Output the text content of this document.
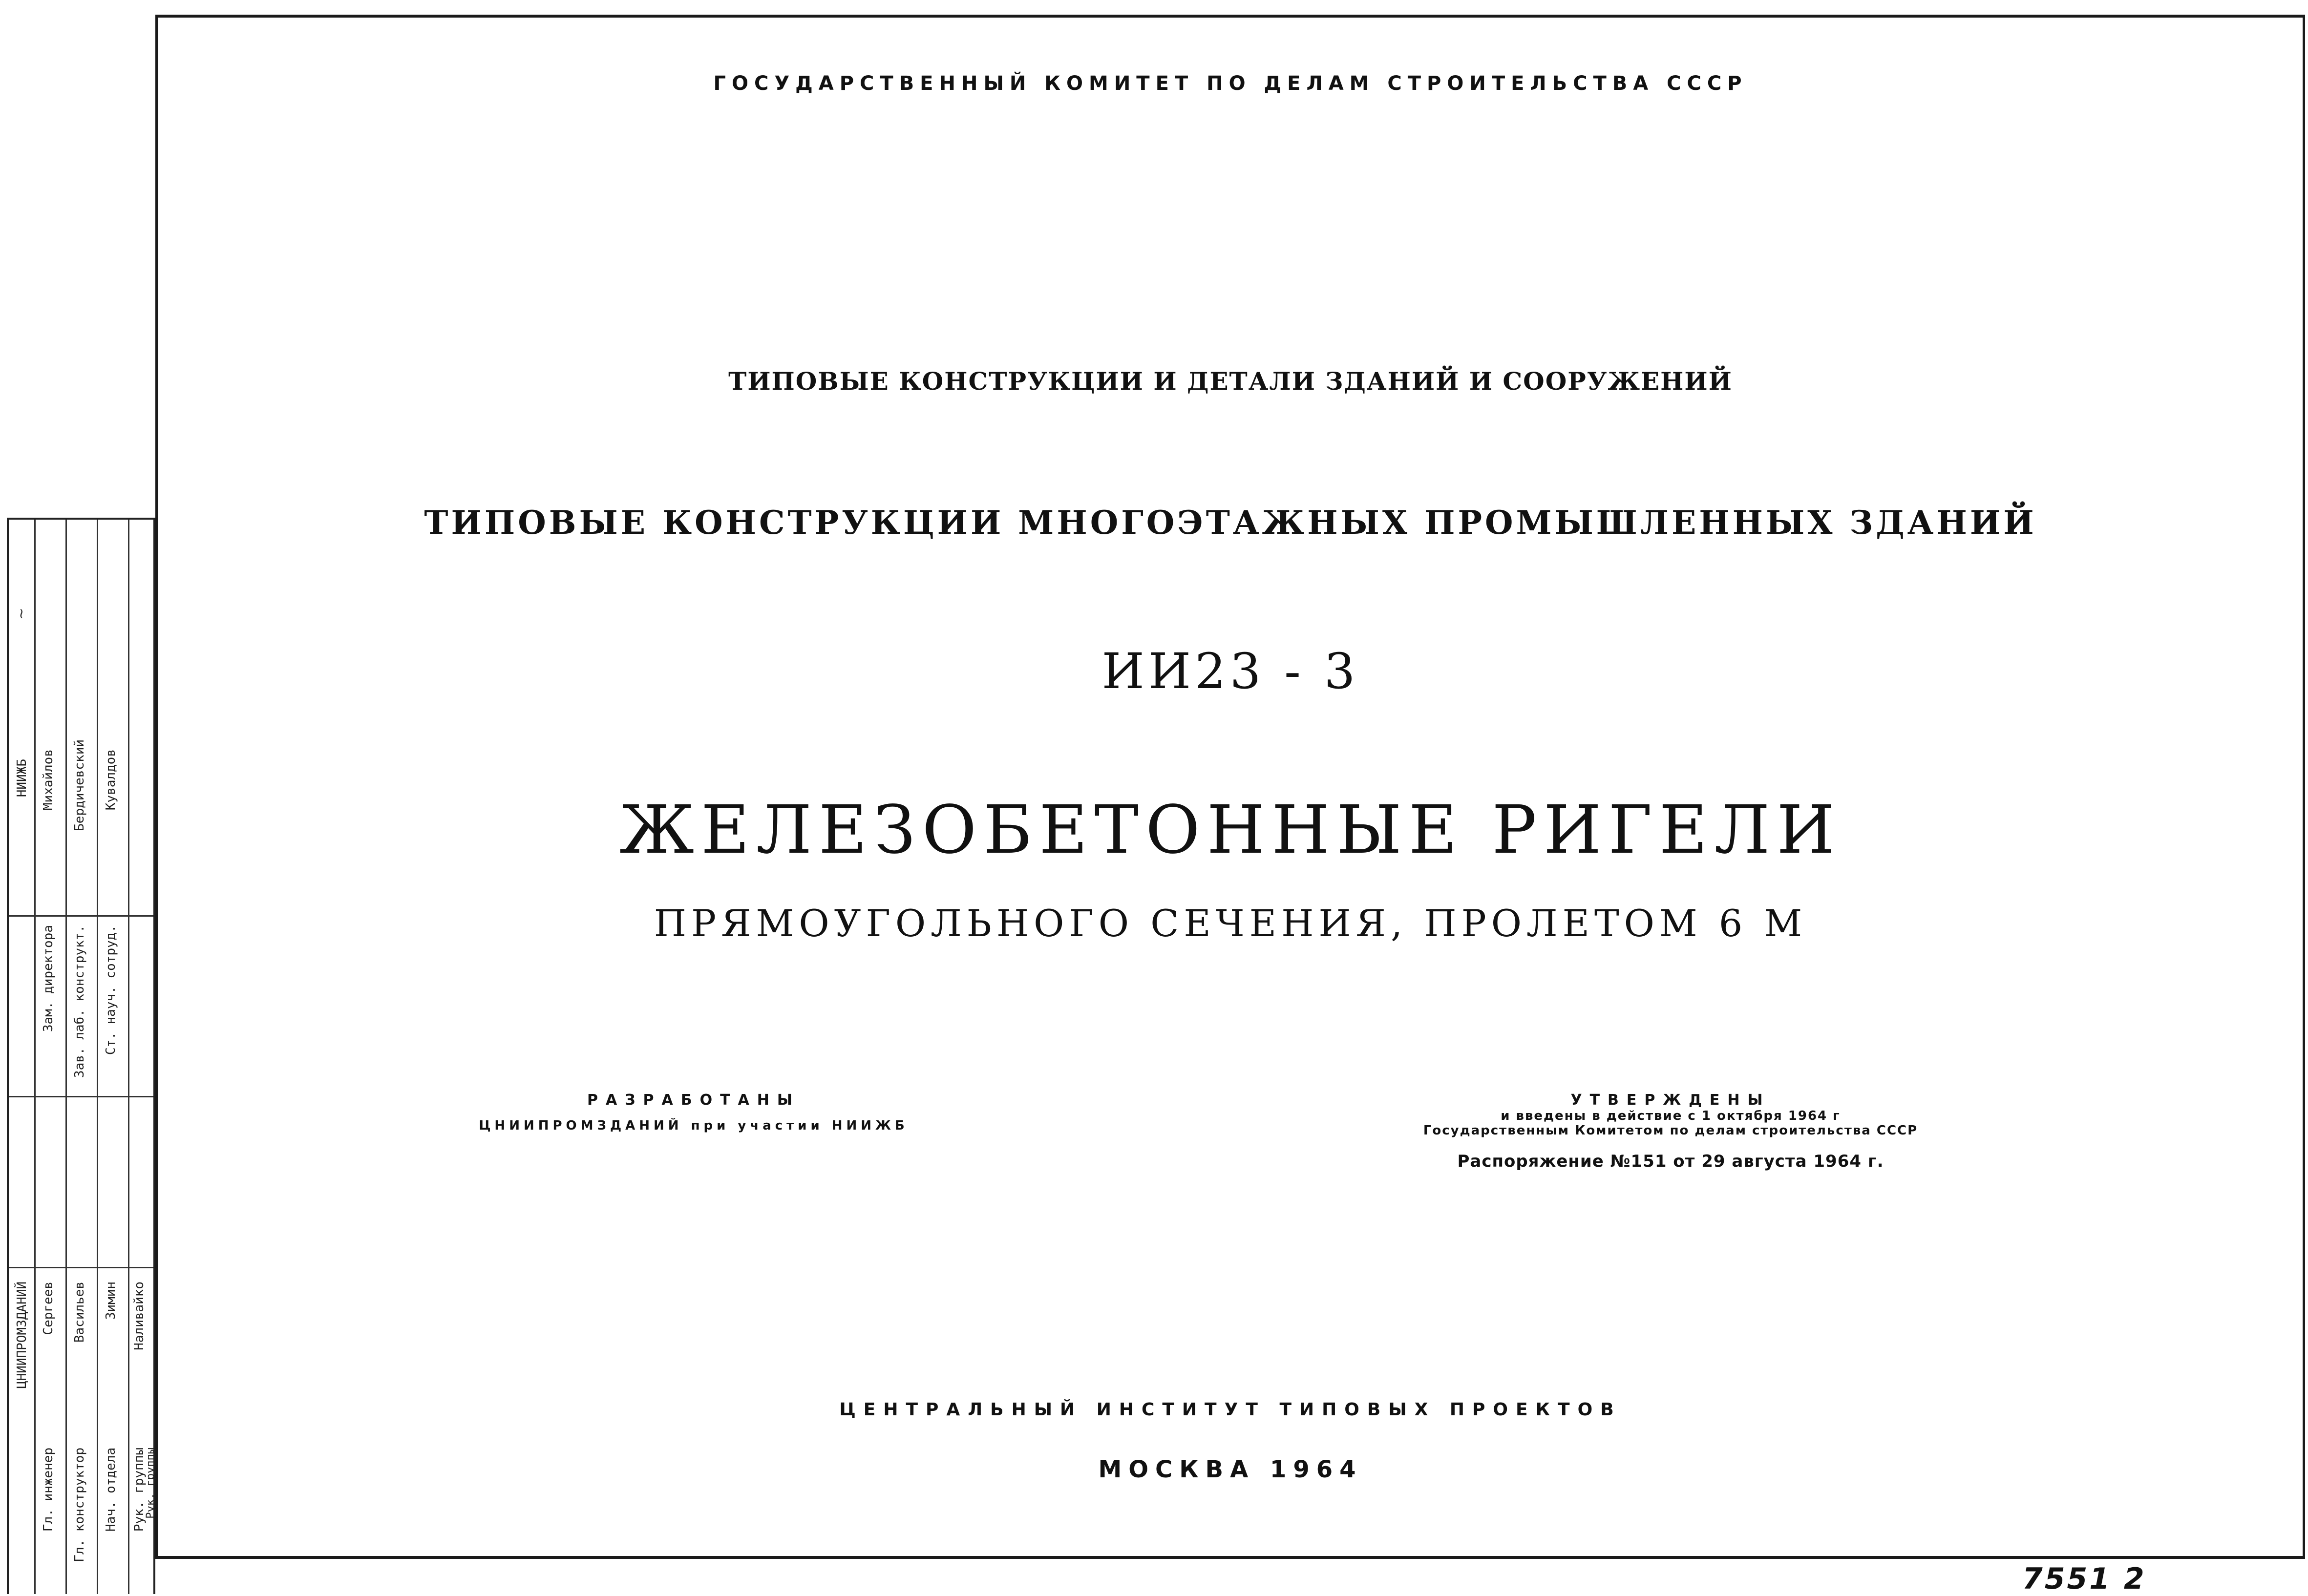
ГОСУДАРСТВЕННЫЙ КОМИТЕТ ПО ДЕЛАМ СТРОИТЕЛЬСТВА СССР
ТИПОВЫЕ КОНСТРУКЦИИ И ДЕТАЛИ ЗДАНИЙ И СООРУЖЕНИЙ
ТИПОВЫЕ КОНСТРУКЦИИ МНОГОЭТАЖНЫХ ПРОМЫШЛЕННЫХ ЗДАНИЙ
ИИ23 - 3
ЖЕЛЕЗОБЕТОННЫЕ РИГЕЛИ
ПРЯМОУГОЛЬНОГО СЕЧЕНИЯ, ПРОЛЕТОМ 6 М
ЦЕНТРАЛЬНЫЙ ИНСТИТУТ ТИПОВЫХ ПРОЕКТОВ
МОСКВА 1964
РАЗРАБОТАНЫ
ЦНИИПРОМЗДАНИЙ при участии НИИЖБ
УТВЕРЖДЕНЫ
и введены в действие с 1 октября 1964 г
Государственным Комитетом по делам строительства СССР
Распоряжение №151 от 29 августа 1964 г.
7551 2
НИИЖБ Михайлов Бердичевский Кувалдов
Зам. директора Зав. лаб. конструкт. Ст. науч. сотруд.
~
ЦНИИПРОМЗДАНИЙ Сергеев Васильев Зимин Наливайко
Гл. инженер Гл. конструктор Нач. отдела Рук. группы
Рук. группы
